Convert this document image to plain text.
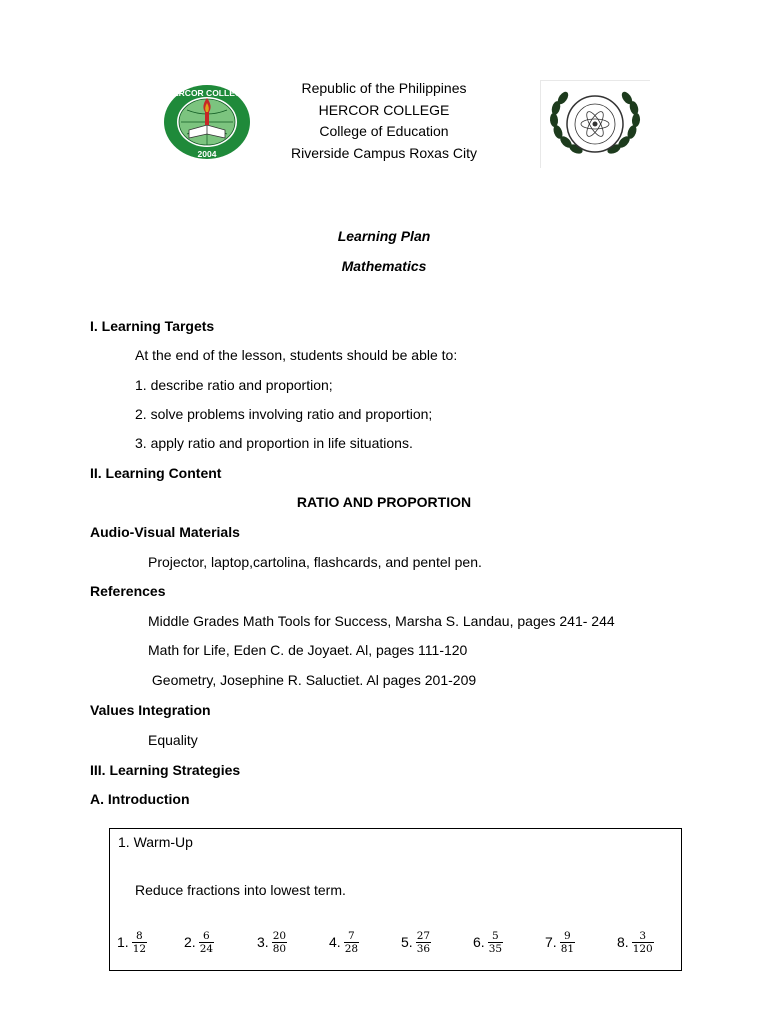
Republic of the Philippines
HERCOR COLLEGE
College of Education
Riverside Campus Roxas City
HERCOR COLLEGE
2004
Learning Plan
Mathematics
I. Learning Targets
At the end of the lesson, students should be able to:
1. describe ratio and proportion;
2. solve problems involving ratio and proportion;
3. apply ratio and proportion in life situations.
II. Learning Content
RATIO AND PROPORTION
Audio-Visual Materials
Projector, laptop,cartolina, flashcards, and pentel pen.
References
Middle Grades Math Tools for Success, Marsha S. Landau, pages 241- 244
Math for Life, Eden C. de Joyaet. Al, pages 111-120
Geometry, Josephine R. Saluctiet. Al pages 201-209
Values Integration
Equality
III. Learning Strategies
A. Introduction
1. Warm-Up
Reduce fractions into lowest term.
1. $\frac{8}{12}$	2. $\frac{6}{24}$	3. $\frac{20}{80}$	4. $\frac{7}{28}$	5. $\frac{27}{36}$	6. $\frac{5}{35}$	7. $\frac{9}{81}$	8. $\frac{3}{120}$
